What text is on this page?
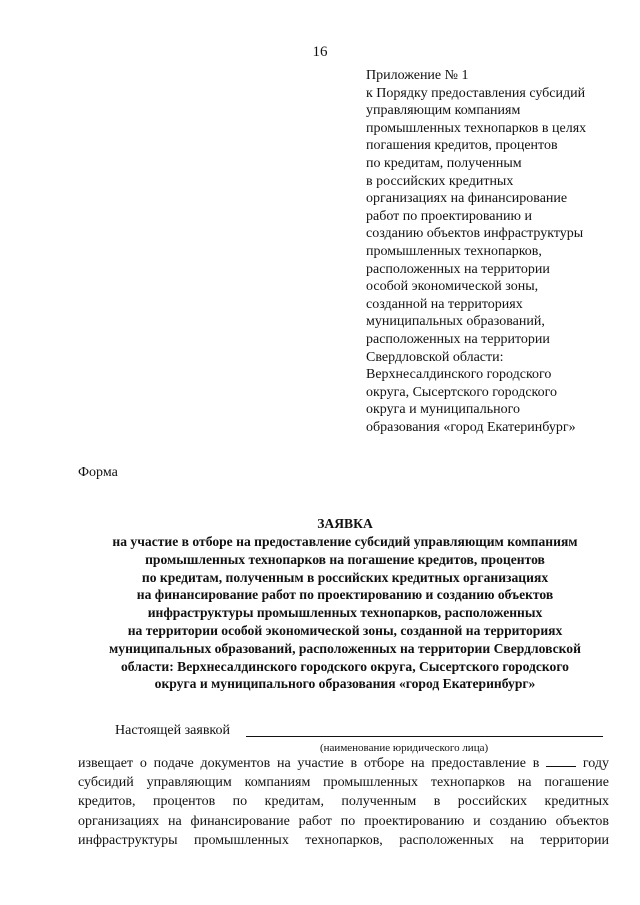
16
Приложение № 1
к Порядку предоставления субсидий
управляющим компаниям
промышленных технопарков в целях
погашения кредитов, процентов
по кредитам, полученным
в российских кредитных
организациях на финансирование
работ по проектированию и
созданию объектов инфраструктуры
промышленных технопарков,
расположенных на территории
особой экономической зоны,
созданной на территориях
муниципальных образований,
расположенных на территории
Свердловской области:
Верхнесалдинского городского
округа, Сысертского городского
округа и муниципального
образования «город Екатеринбург»
Форма
ЗАЯВКА
на участие в отборе на предоставление субсидий управляющим компаниям
промышленных технопарков на погашение кредитов, процентов
по кредитам, полученным в российских кредитных организациях
на финансирование работ по проектированию и созданию объектов
инфраструктуры промышленных технопарков, расположенных
на территории особой экономической зоны, созданной на территориях
муниципальных образований, расположенных на территории Свердловской
области: Верхнесалдинского городского округа, Сысертского городского
округа и муниципального образования «город Екатеринбург»
Настоящей заявкой
(наименование юридического лица)
извещает о подаче документов на участие в отборе на предоставление в	году
субсидий управляющим компаниям промышленных технопарков на погашение
кредитов, процентов по кредитам, полученным в российских кредитных
организациях на финансирование работ по проектированию и созданию объектов
инфраструктуры промышленных технопарков, расположенных на территории
